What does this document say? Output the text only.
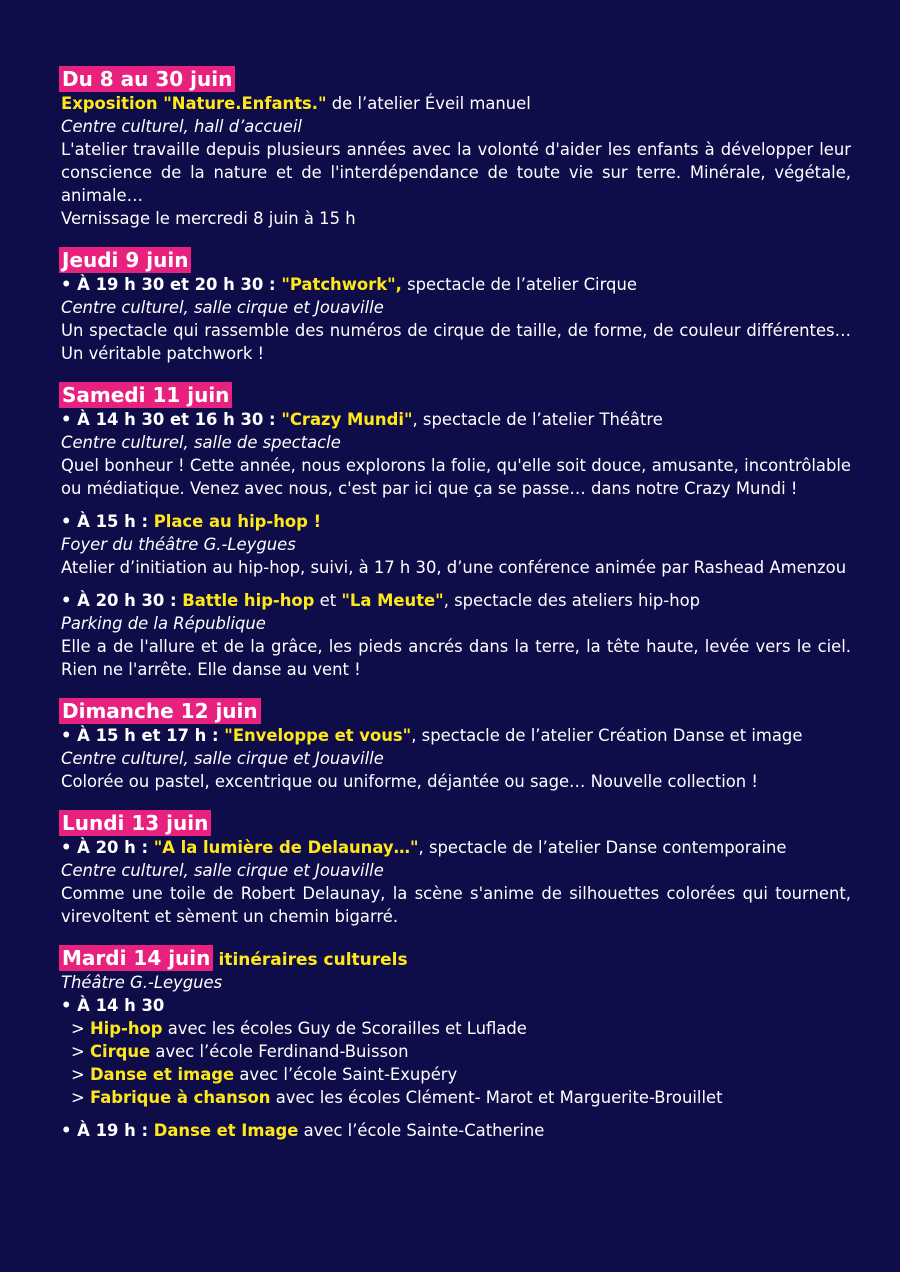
Du 8 au 30 juin
Exposition "Nature.Enfants." de l’atelier Éveil manuel
Centre culturel, hall d’accueil
L'atelier travaille depuis plusieurs années avec la volonté d'aider les enfants à développer leur conscience de la nature et de l'interdépendance de toute vie sur terre. Minérale, végétale, animale…
Vernissage le mercredi 8 juin à 15 h
Jeudi 9 juin
• À 19 h 30 et 20 h 30 : "Patchwork", spectacle de l’atelier Cirque
Centre culturel, salle cirque et Jouaville
Un spectacle qui rassemble des numéros de cirque de taille, de forme, de couleur différentes… Un véritable patchwork !
Samedi 11 juin
• À 14 h 30 et 16 h 30 : "Crazy Mundi", spectacle de l’atelier Théâtre
Centre culturel, salle de spectacle
Quel bonheur ! Cette année, nous explorons la folie, qu'elle soit douce, amusante, incontrôlable ou médiatique. Venez avec nous, c'est par ici que ça se passe… dans notre Crazy Mundi !
• À 15 h : Place au hip-hop !
Foyer du théâtre G.-Leygues
Atelier d’initiation au hip-hop, suivi, à 17 h 30, d’une conférence animée par Rashead Amenzou
• À 20 h 30 : Battle hip-hop et "La Meute", spectacle des ateliers hip-hop
Parking de la République
Elle a de l'allure et de la grâce, les pieds ancrés dans la terre, la tête haute, levée vers le ciel. Rien ne l'arrête. Elle danse au vent !
Dimanche 12 juin
• À 15 h et 17 h : "Enveloppe et vous", spectacle de l’atelier Création Danse et image
Centre culturel, salle cirque et Jouaville
Colorée ou pastel, excentrique ou uniforme, déjantée ou sage… Nouvelle collection !
Lundi 13 juin
• À 20 h : "A la lumière de Delaunay…", spectacle de l’atelier Danse contemporaine
Centre culturel, salle cirque et Jouaville
Comme une toile de Robert Delaunay, la scène s'anime de silhouettes colorées qui tournent, virevoltent et sèment un chemin bigarré.
Mardi 14 juin itinéraires culturels
Théâtre G.-Leygues
• À 14 h 30
> Hip-hop avec les écoles Guy de Scorailles et Luflade
> Cirque avec l’école Ferdinand-Buisson
> Danse et image avec l’école Saint-Exupéry
> Fabrique à chanson avec les écoles Clément- Marot et Marguerite-Brouillet
• À 19 h : Danse et Image avec l’école Sainte-Catherine
